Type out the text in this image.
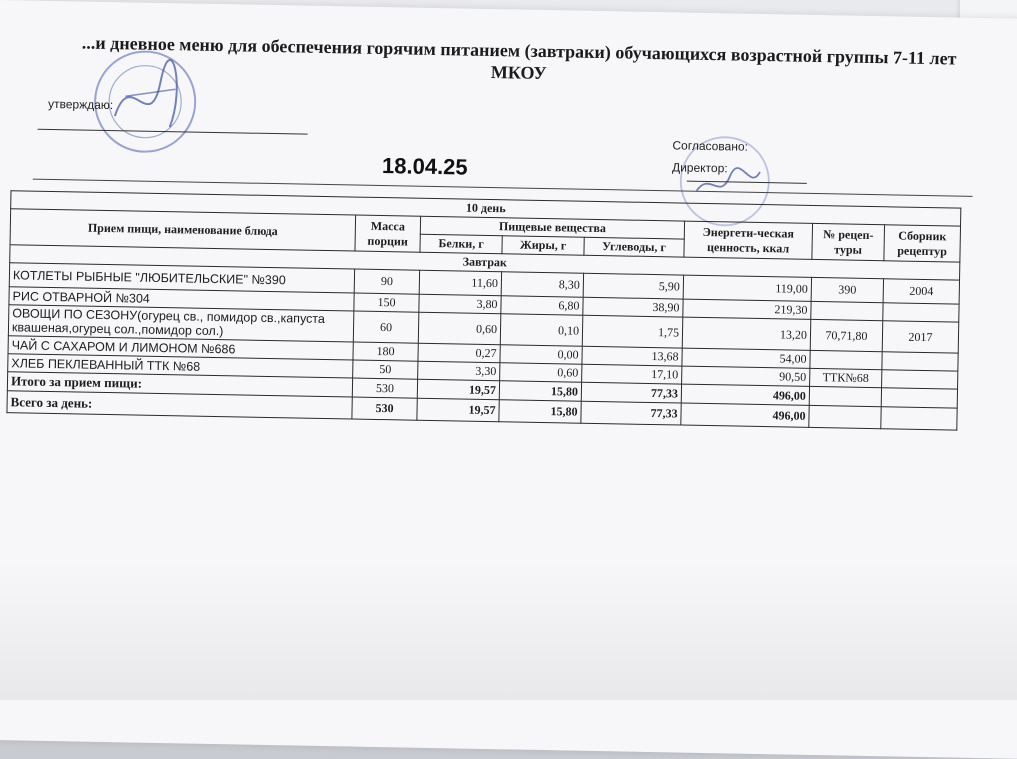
...и дневное меню для обеспечения горячим питанием (завтраки) обучающихся возрастной группы 7-11 лет МКОУ
утверждаю:
18.04.25
Согласовано:
Директор:
10 день							
Прием пищи, наименование блюда	Масса порции	Пищевые вещества			Энергети-ческая ценность, ккал	№ рецеп-туры	Сборник рецептур
		Белки, г	Жиры, г	Углеводы, г			
Завтрак							
КОТЛЕТЫ РЫБНЫЕ "ЛЮБИТЕЛЬСКИЕ" №390	90	11,60	8,30	5,90	119,00	390	2004
РИС ОТВАРНОЙ №304	150	3,80	6,80	38,90	219,30		
ОВОЩИ ПО СЕЗОНУ(огурец св., помидор св.,капуста квашеная,огурец сол.,помидор сол.)	60	0,60	0,10	1,75	13,20	70,71,80	2017
ЧАЙ С САХАРОМ И ЛИМОНОМ №686	180	0,27	0,00	13,68	54,00		
ХЛЕБ ПЕКЛЕВАННЫЙ ТТК №68	50	3,30	0,60	17,10	90,50	ТТК№68	
Итого за прием пищи:	530	19,57	15,80	77,33	496,00		
Всего за день:	530	19,57	15,80	77,33	496,00		
